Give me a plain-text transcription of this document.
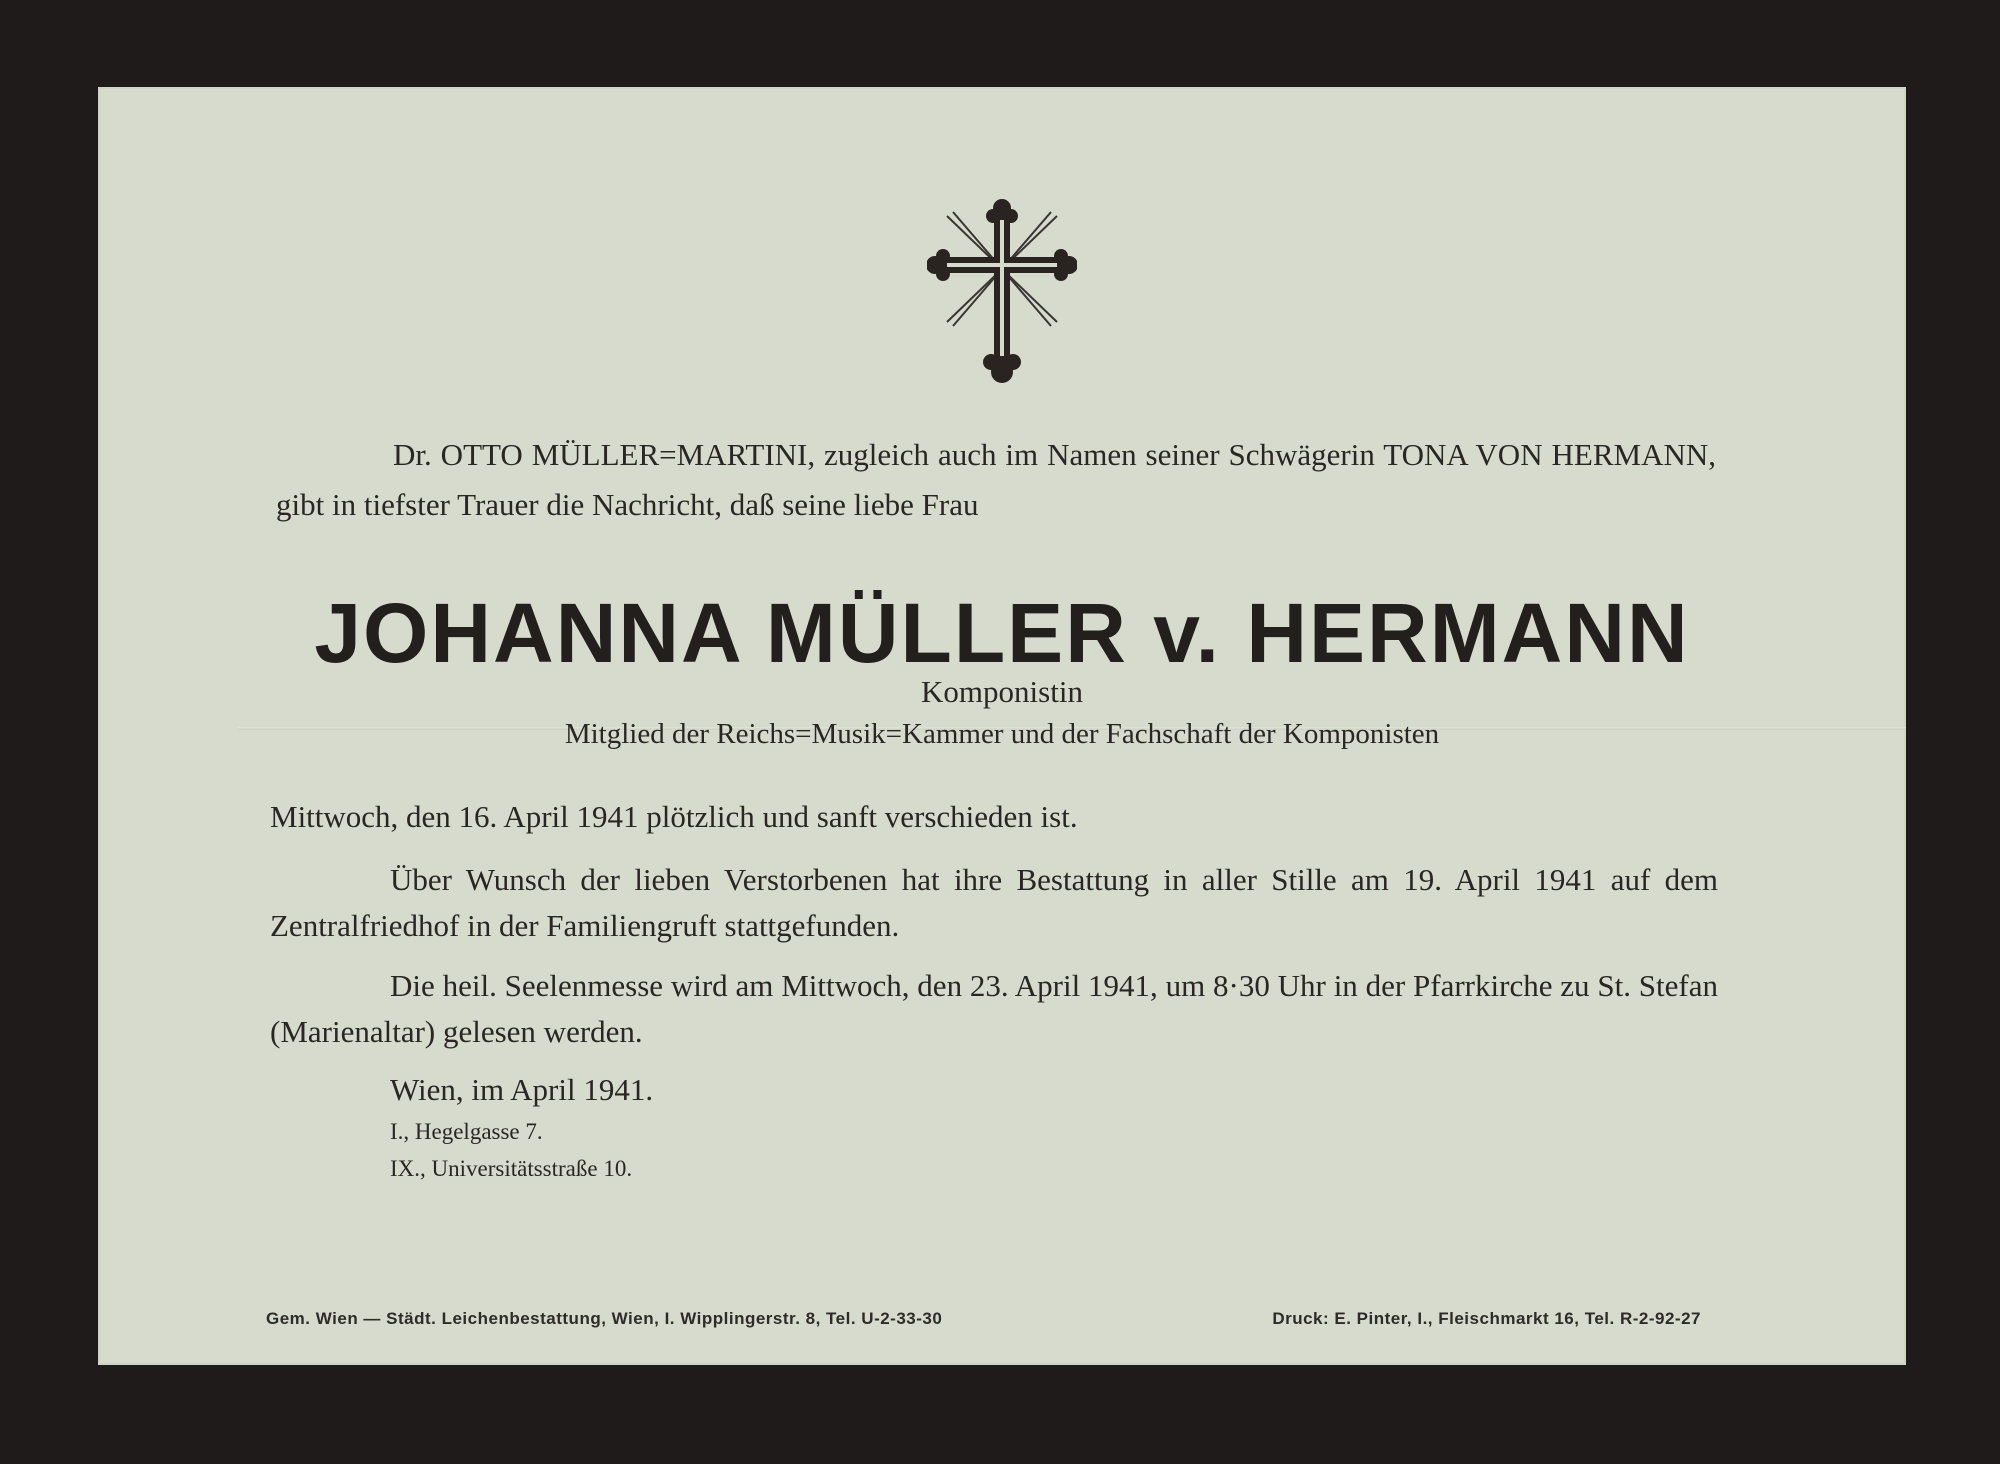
Dr. OTTO MÜLLER=MARTINI, zugleich auch im Namen seiner Schwägerin TONA VON HERMANN, gibt in tiefster Trauer die Nachricht, daß seine liebe Frau

JOHANNA MÜLLER v. HERMANN

Komponistin

Mitglied der Reichs=Musik=Kammer und der Fachschaft der Komponisten

Mittwoch, den 16. April 1941 plötzlich und sanft verschieden ist.

Über Wunsch der lieben Verstorbenen hat ihre Bestattung in aller Stille am 19. April 1941 auf dem Zentralfriedhof in der Familiengruft stattgefunden.

Die heil. Seelenmesse wird am Mittwoch, den 23. April 1941, um 8·30 Uhr in der Pfarrkirche zu St. Stefan (Marienaltar) gelesen werden.

Wien, im April 1941.

I., Hegelgasse 7.

IX., Universitätsstraße 10.

Gem. Wien — Städt. Leichenbestattung, Wien, I. Wipplingerstr. 8, Tel. U-2-33-30	Druck: E. Pinter, I., Fleischmarkt 16, Tel. R-2-92-27
